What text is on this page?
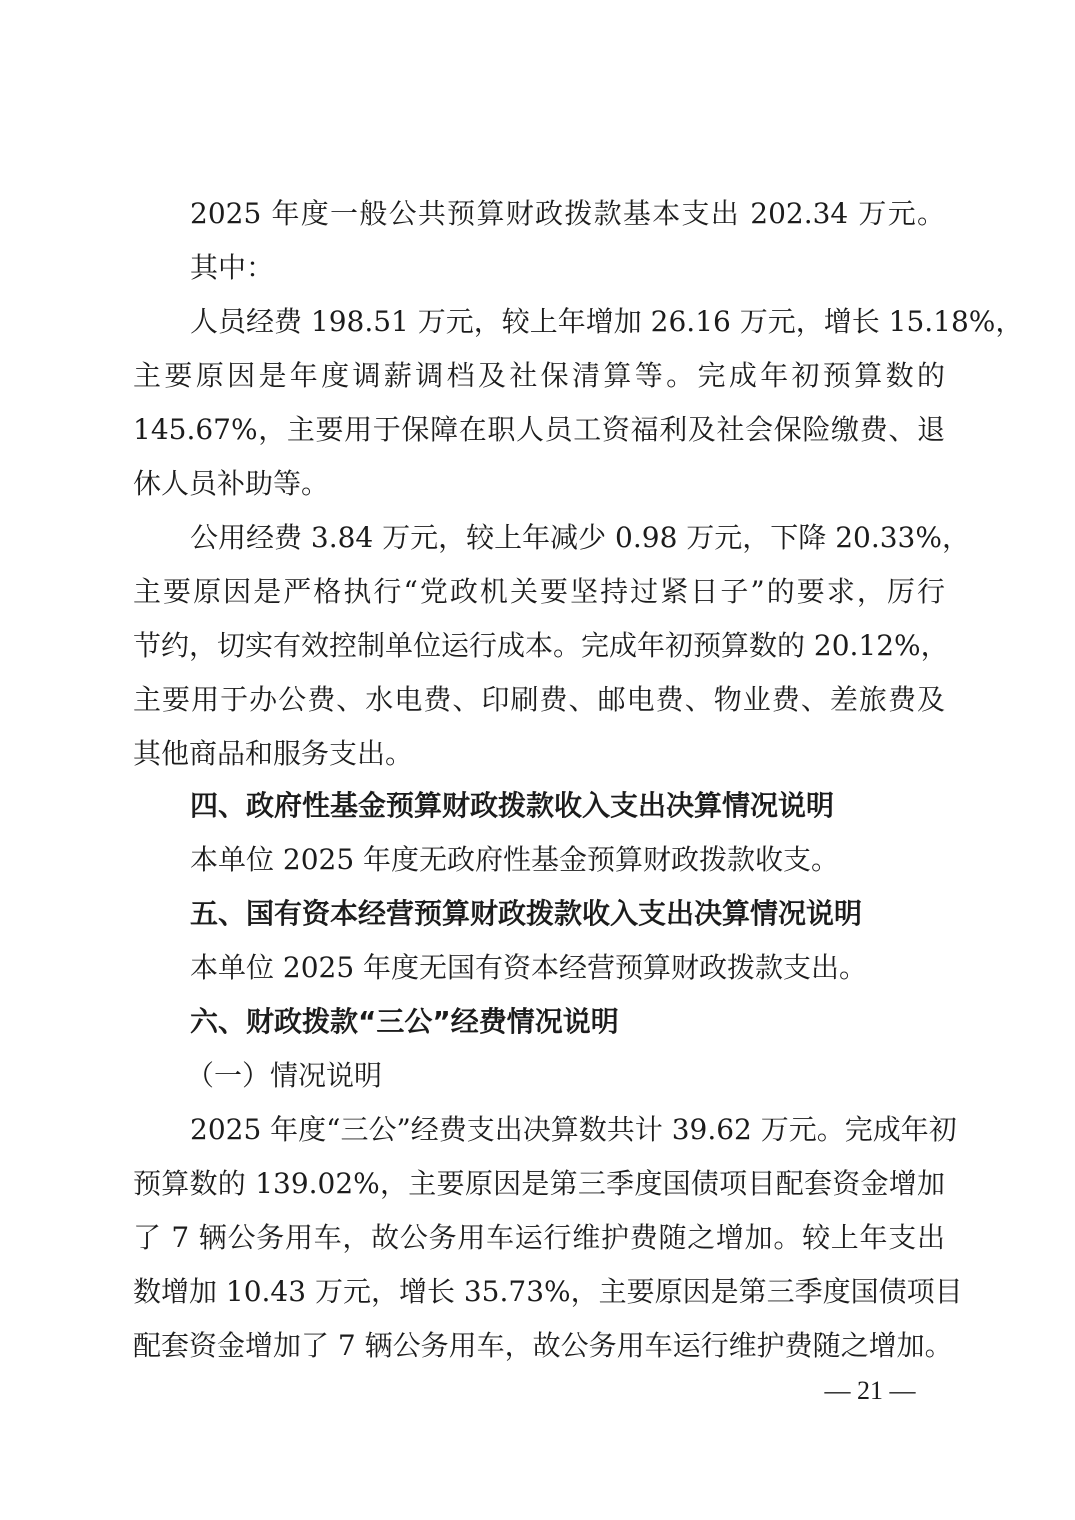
2025 年度一般公共预算财政拨款基本支出 202.34 万元。

其中：

人员经费 198.51 万元，较上年增加 26.16 万元，增长 15.18%，

主要原因是年度调薪调档及社保清算等。完成年初预算数的

145.67%，主要用于保障在职人员工资福利及社会保险缴费、退

休人员补助等。

公用经费 3.84 万元，较上年减少 0.98 万元，下降 20.33%，

主要原因是严格执行“党政机关要坚持过紧日子”的要求，厉行

节约，切实有效控制单位运行成本。完成年初预算数的 20.12%，

主要用于办公费、水电费、印刷费、邮电费、物业费、差旅费及

其他商品和服务支出。

四、政府性基金预算财政拨款收入支出决算情况说明

本单位 2025 年度无政府性基金预算财政拨款收支。

五、国有资本经营预算财政拨款收入支出决算情况说明

本单位 2025 年度无国有资本经营预算财政拨款支出。

六、财政拨款“三公”经费情况说明

（一）情况说明

2025 年度“三公”经费支出决算数共计 39.62 万元。完成年初

预算数的 139.02%，主要原因是第三季度国债项目配套资金增加

了 7 辆公务用车，故公务用车运行维护费随之增加。较上年支出

数增加 10.43 万元，增长 35.73%，主要原因是第三季度国债项目

配套资金增加了 7 辆公务用车，故公务用车运行维护费随之增加。

— 21 —
